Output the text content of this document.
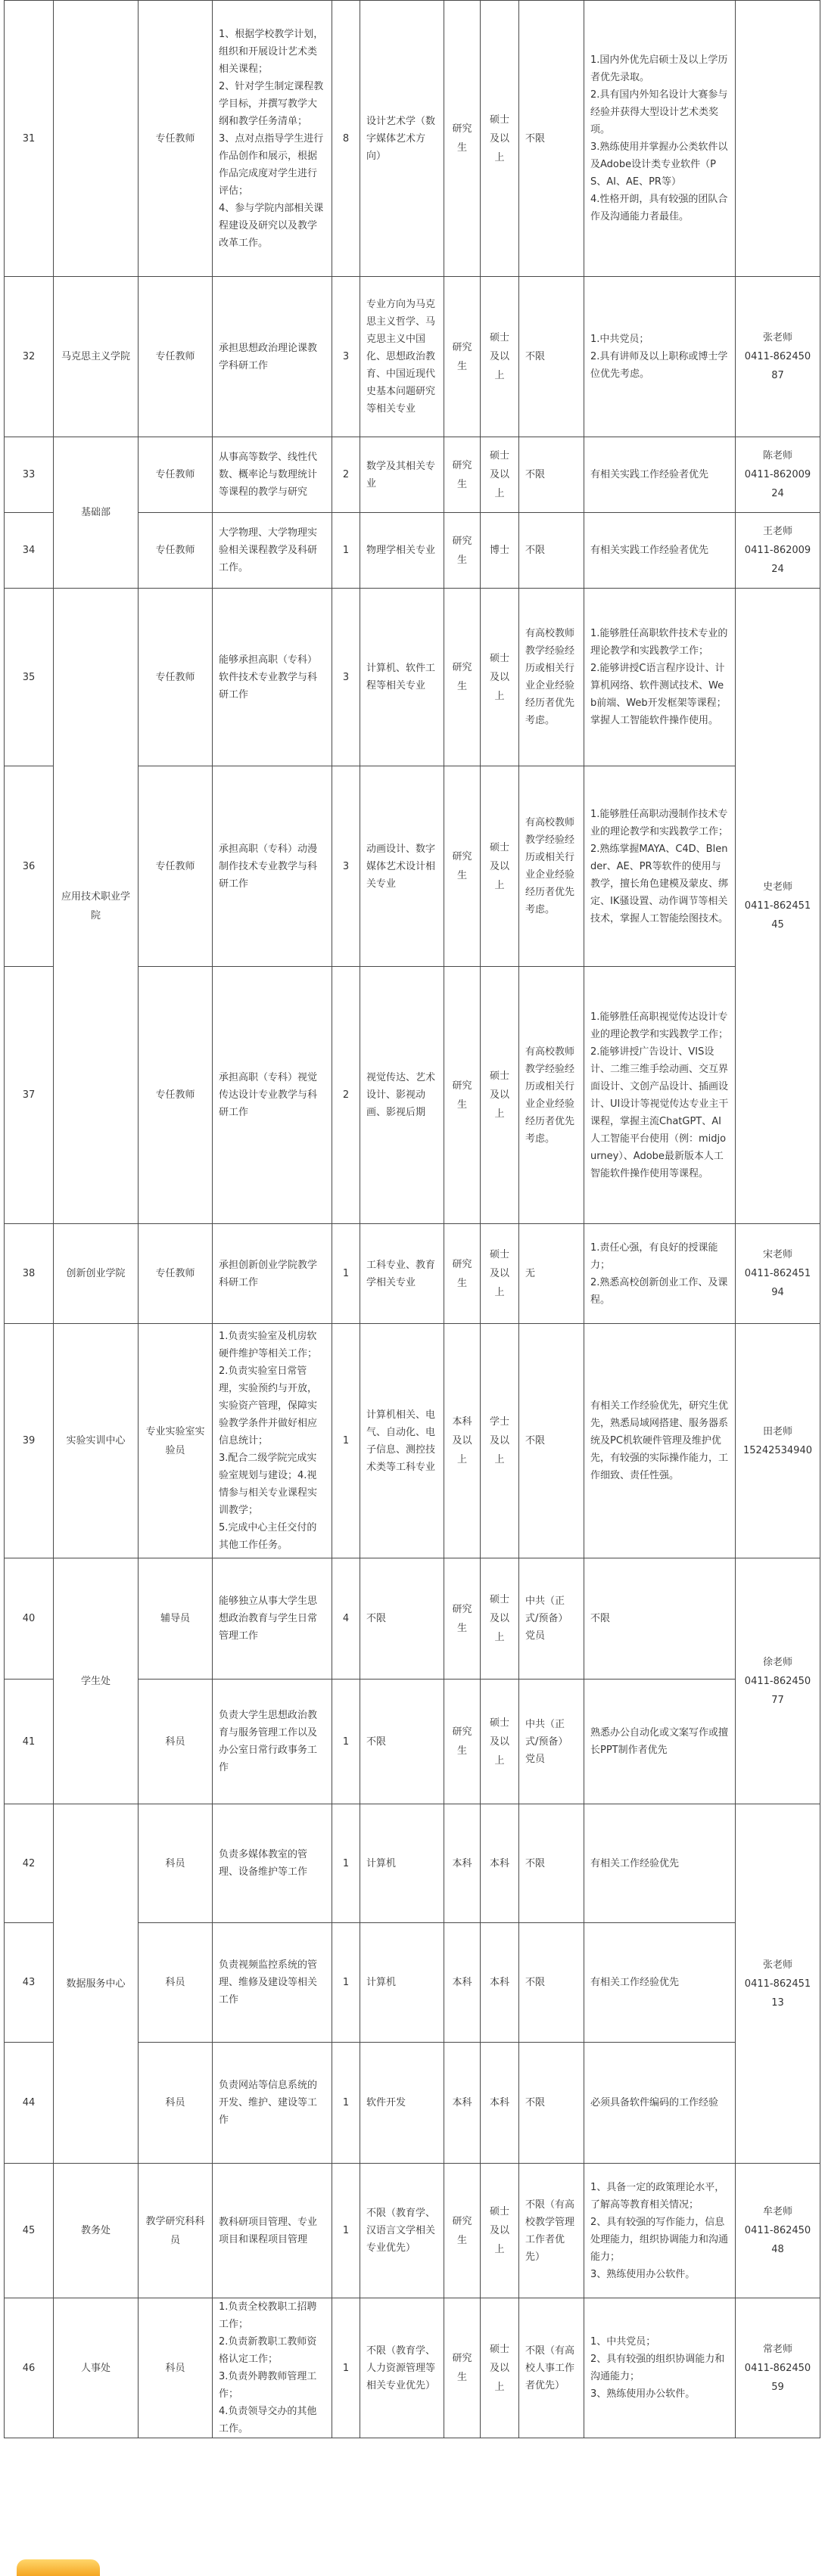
31		专任教师	1、根据学校教学计划，组织和开展设计艺术类相关课程；
2、针对学生制定课程教学目标，并撰写教学大纲和教学任务清单；
3、点对点指导学生进行作品创作和展示，根据作品完成度对学生进行评估；
4、参与学院内部相关课程建设及研究以及教学改革工作。	8	设计艺术学（数字媒体艺术方向）	研究生	硕士及以上	不限	1.国内外优先启硕士及以上学历者优先录取。
2.具有国内外知名设计大赛参与经验并获得大型设计艺术类奖项。
3.熟练使用并掌握办公类软件以及Adobe设计类专业软件（PS、AI、AE、PR等）
4.性格开朗，具有较强的团队合作及沟通能力者最佳。	

32	马克思主义学院	专任教师	承担思想政治理论课教学科研工作	3	专业方向为马克思主义哲学、马克思主义中国化、思想政治教育、中国近现代史基本问题研究等相关专业	研究生	硕士及以上	不限	1.中共党员；
2.具有讲师及以上职称或博士学位优先考虑。	张老师
0411-86245087

33	基础部	专任教师	从事高等数学、线性代数、概率论与数理统计等课程的教学与研究	2	数学及其相关专业	研究生	硕士及以上	不限	有相关实践工作经验者优先	陈老师
0411-86200924

34		专任教师	大学物理、大学物理实验相关课程教学及科研工作。	1	物理学相关专业	研究生	博士	不限	有相关实践工作经验者优先	王老师
0411-86200924

35	应用技术职业学院	专任教师	能够承担高职（专科）软件技术专业教学与科研工作	3	计算机、软件工程等相关专业	研究生	硕士及以上	有高校教师教学经验经历或相关行业企业经验经历者优先考虑。	1.能够胜任高职软件技术专业的理论教学和实践教学工作；
2.能够讲授C语言程序设计、计算机网络、软件测试技术、Web前端、Web开发框架等课程；掌握人工智能软件操作使用。	史老师
0411-86245145

36		专任教师	承担高职（专科）动漫制作技术专业教学与科研工作	3	动画设计、数字媒体艺术设计相关专业	研究生	硕士及以上	有高校教师教学经验经历或相关行业企业经验经历者优先考虑。	1.能够胜任高职动漫制作技术专业的理论教学和实践教学工作；
2.熟练掌握MAYA、C4D、Blender、AE、PR等软件的使用与教学，擅长角色建模及蒙皮、绑定、IK骚设置、动作调节等相关技术，掌握人工智能绘图技术。	

37		专任教师	承担高职（专科）视觉传达设计专业教学与科研工作	2	视觉传达、艺术设计、影视动画、影视后期	研究生	硕士及以上	有高校教师教学经验经历或相关行业企业经验经历者优先考虑。	1.能够胜任高职视觉传达设计专业的理论教学和实践教学工作；
2.能够讲授广告设计、VIS设计、二维三维手绘动画、交互界面设计、文创产品设计、插画设计、UI设计等视觉传达专业主干课程，掌握主流ChatGPT、AI人工智能平台使用（例：midjourney）、Adobe最新版本人工智能软件操作使用等课程。	

38	创新创业学院	专任教师	承担创新创业学院教学科研工作	1	工科专业、教育学相关专业	研究生	硕士及以上	无	1.责任心强，有良好的授课能力；
2.熟悉高校创新创业工作、及课程。	宋老师
0411-86245194

39	实验实训中心	专业实验室实验员	1.负责实验室及机房软硬件维护等相关工作；
2.负责实验室日常管理，实验预约与开放，实验资产管理，保障实验教学条件并做好相应信息统计；
3.配合二级学院完成实验室规划与建设；4.视情参与相关专业课程实训教学；
5.完成中心主任交付的其他工作任务。	1	计算机相关、电气、自动化、电子信息、测控技术类等工科专业	本科及以上	学士及以上	不限	有相关工作经验优先，研究生优先，熟悉局域网搭建、服务器系统及PC机软硬件管理及维护优先，有较强的实际操作能力，工作细致、责任性强。	田老师
15242534940

40	学生处	辅导员	能够独立从事大学生思想政治教育与学生日常管理工作	4	不限	研究生	硕士及以上	中共（正式/预备）党员	不限	徐老师
0411-86245077

41		科员	负责大学生思想政治教育与服务管理工作以及办公室日常行政事务工作	1	不限	研究生	硕士及以上	中共（正式/预备）党员	熟悉办公自动化或文案写作或擅长PPT制作者优先	

42	数据服务中心	科员	负责多媒体教室的管理、设备维护等工作	1	计算机	本科	本科	不限	有相关工作经验优先	张老师
0411-86245113

43		科员	负责视频监控系统的管理、维修及建设等相关工作	1	计算机	本科	本科	不限	有相关工作经验优先	

44		科员	负责网站等信息系统的开发、维护、建设等工作	1	软件开发	本科	本科	不限	必须具备软件编码的工作经验	

45	教务处	教学研究科科员	教科研项目管理、专业项目和课程项目管理	1	不限（教育学、汉语言文学相关专业优先）	研究生	硕士及以上	不限（有高校教学管理工作者优先）	1、具备一定的政策理论水平，了解高等教育相关情况；
2、具有较强的写作能力，信息处理能力，组织协调能力和沟通能力；
3、熟练使用办公软件。	牟老师
0411-86245048

46	人事处	科员	1.负责全校教职工招聘工作；
2.负责新教职工教师资格认定工作；
3.负责外聘教师管理工作；
4.负责领导交办的其他工作。	1	不限（教育学、人力资源管理等相关专业优先）	研究生	硕士及以上	不限（有高校人事工作者优先）	1、中共党员；
2、具有较强的组织协调能力和沟通能力；
3、熟练使用办公软件。	常老师
0411-86245059
